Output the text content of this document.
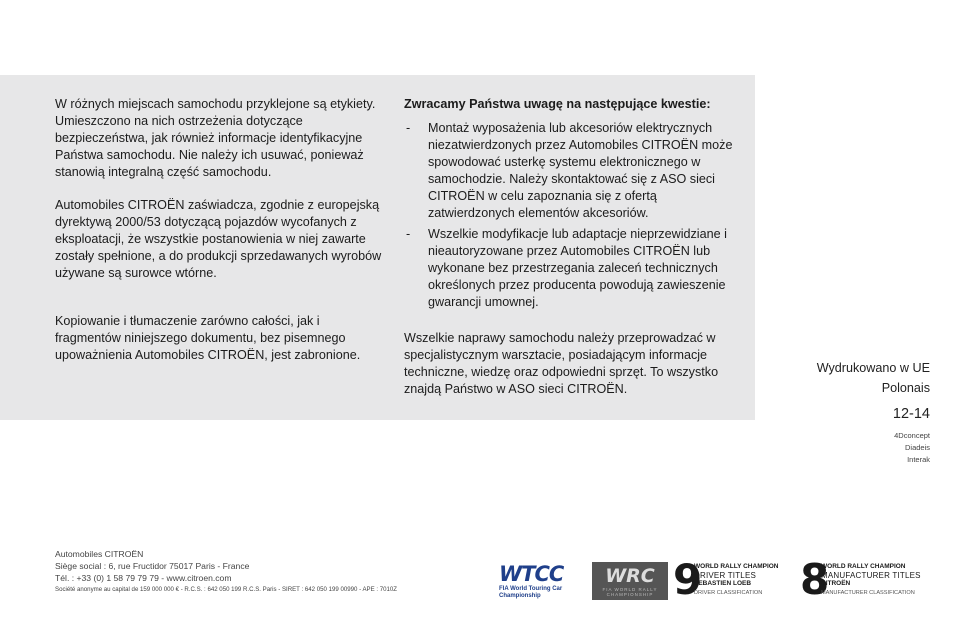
W różnych miejscach samochodu przyklejone są etykiety. Umieszczono na nich ostrzeżenia dotyczące bezpieczeństwa, jak również informacje identyfikacyjne Państwa samochodu. Nie należy ich usuwać, ponieważ stanowią integralną część samochodu.

Automobiles CITROËN zaświadcza, zgodnie z europejską dyrektywą 2000/53 dotyczącą pojazdów wycofanych z eksploatacji, że wszystkie postanowienia w niej zawarte zostały spełnione, a do produkcji sprzedawanych wyrobów używane są surowce wtórne.

Kopiowanie i tłumaczenie zarówno całości, jak i fragmentów niniejszego dokumentu, bez pisemnego upoważnienia Automobiles CITROËN, jest zabronione.

Zwracamy Państwa uwagę na następujące kwestie:

- Montaż wyposażenia lub akcesoriów elektrycznych niezatwierdzonych przez Automobiles CITROËN może spowodować usterkę systemu elektronicznego w samochodzie. Należy skontaktować się z ASO sieci CITROËN w celu zapoznania się z ofertą zatwierdzonych elementów akcesoriów.
- Wszelkie modyfikacje lub adaptacje nieprzewidziane i nieautoryzowane przez Automobiles CITROËN lub wykonane bez przestrzegania zaleceń technicznych określonych przez producenta powodują zawieszenie gwarancji umownej.

Wszelkie naprawy samochodu należy przeprowadzać w specjalistycznym warsztacie, posiadającym informacje techniczne, wiedzę oraz odpowiedni sprzęt. To wszystko znajdą Państwo w ASO sieci CITROËN.

Wydrukowano w UE
Polonais
12-14
4Dconcept
Diadeis
Interak
Automobiles CITROËN
Siège social : 6, rue Fructidor 75017 Paris - France
Tél. : +33 (0) 1 58 79 79 79 - www.citroen.com
Société anonyme au capital de 159 000 000 € - R.C.S. : 642 050 199 R.C.S. Paris - SIRET : 642 050 199 00990 - APE : 7010Z
WTCC
FIA World Touring Car
Championship
WRC
FIA WORLD RALLY CHAMPIONSHIP 9
WORLD RALLY CHAMPION
DRIVER TITLES
SEBASTIEN LOEB
DRIVER CLASSIFICATION 8
WORLD RALLY CHAMPION
MANUFACTURER TITLES
CITROËN
MANUFACTURER CLASSIFICATION
